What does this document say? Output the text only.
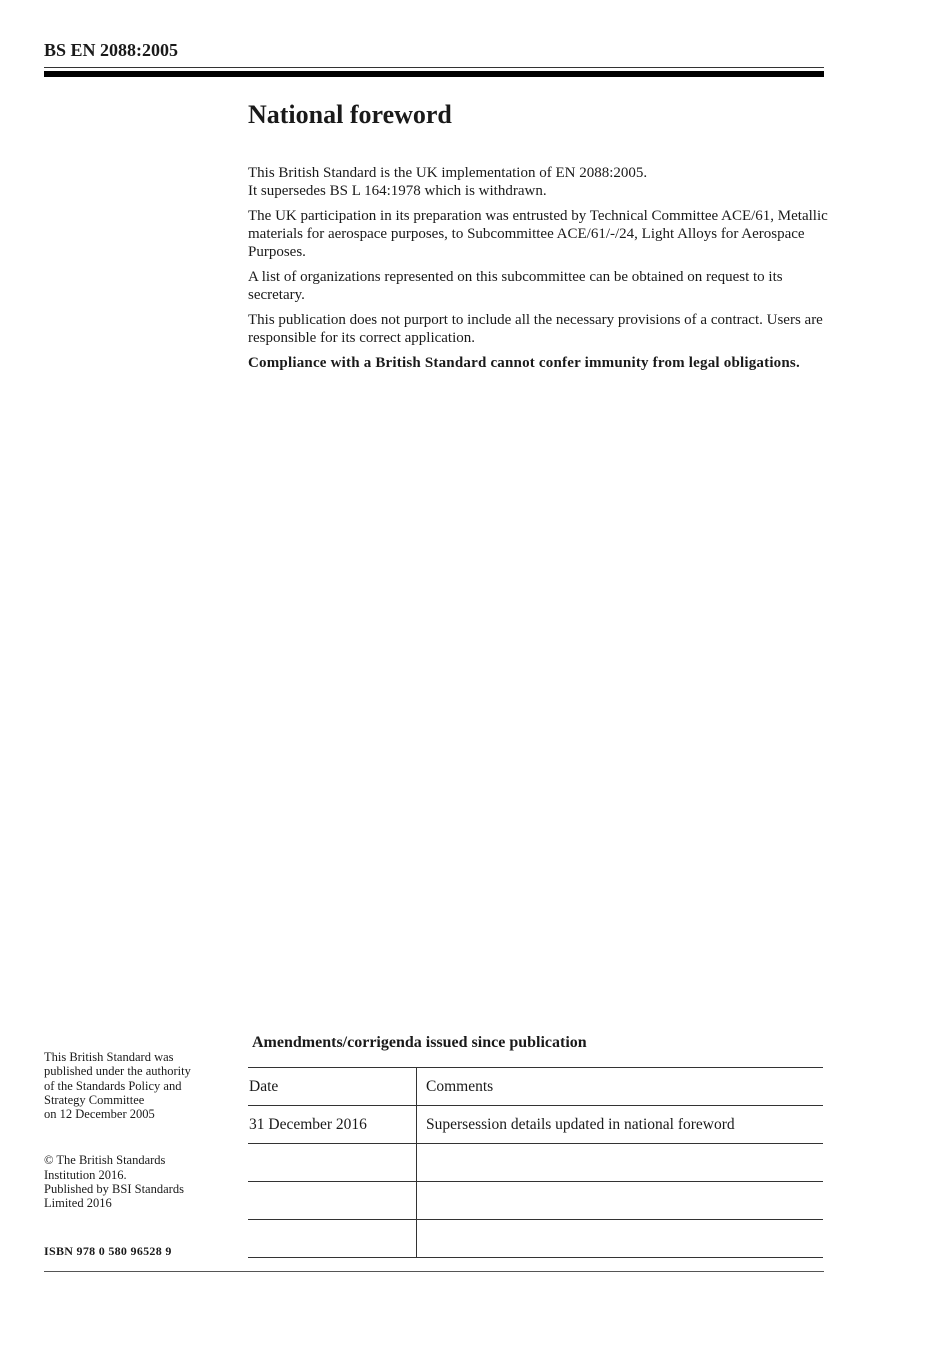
BS EN 2088:2005
National foreword

This British Standard is the UK implementation of EN 2088:2005.
It supersedes BS L 164:1978 which is withdrawn.

The UK participation in its preparation was entrusted by Technical Committee ACE/61, Metallic materials for aerospace purposes, to Subcommittee ACE/61/-/24, Light Alloys for Aerospace Purposes.

A list of organizations represented on this subcommittee can be obtained on request to its secretary.

This publication does not purport to include all the necessary provisions of a contract. Users are responsible for its correct application.

Compliance with a British Standard cannot confer immunity from legal obligations.

This British Standard was

published under the authority

of the Standards Policy and

Strategy Committee

on 12 December 2005

© The British Standards

Institution 2016.

Published by BSI Standards

Limited 2016

ISBN 978 0 580 96528 9
Amendments/corrigenda issued since publication
Date	Comments
31 December 2016	Supersession details updated in national foreword
